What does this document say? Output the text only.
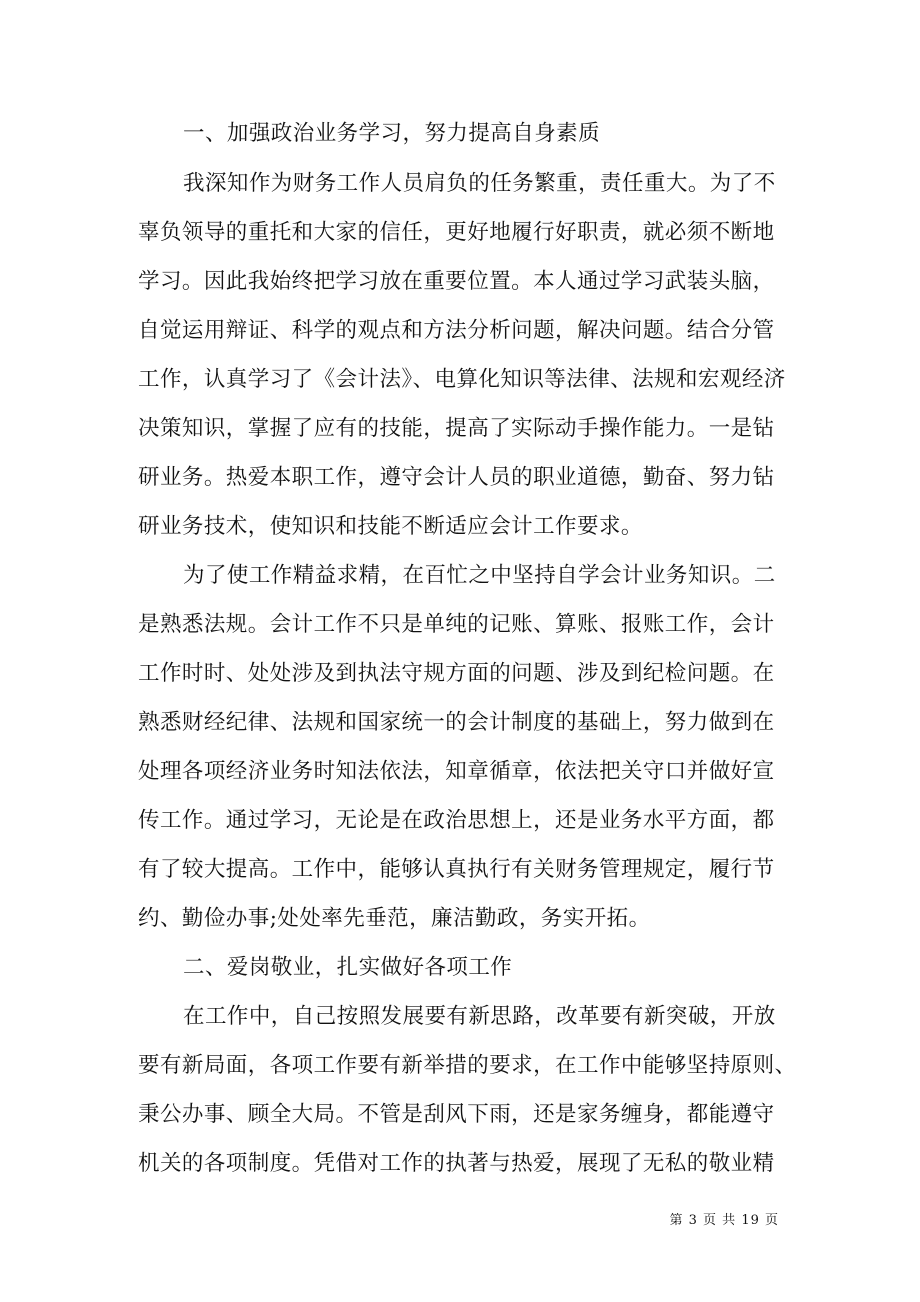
一、加强政治业务学习，努力提高自身素质
我深知作为财务工作人员肩负的任务繁重，责任重大。为了不
辜负领导的重托和大家的信任，更好地履行好职责，就必须不断地
学习。因此我始终把学习放在重要位置。本人通过学习武装头脑，
自觉运用辩证、科学的观点和方法分析问题，解决问题。结合分管
工作，认真学习了《会计法》、电算化知识等法律、法规和宏观经济
决策知识，掌握了应有的技能，提高了实际动手操作能力。一是钻
研业务。热爱本职工作，遵守会计人员的职业道德，勤奋、努力钻
研业务技术，使知识和技能不断适应会计工作要求。
为了使工作精益求精，在百忙之中坚持自学会计业务知识。二
是熟悉法规。会计工作不只是单纯的记账、算账、报账工作，会计
工作时时、处处涉及到执法守规方面的问题、涉及到纪检问题。在
熟悉财经纪律、法规和国家统一的会计制度的基础上，努力做到在
处理各项经济业务时知法依法，知章循章，依法把关守口并做好宣
传工作。通过学习，无论是在政治思想上，还是业务水平方面，都
有了较大提高。工作中，能够认真执行有关财务管理规定，履行节
约、勤俭办事;处处率先垂范，廉洁勤政，务实开拓。
二、爱岗敬业，扎实做好各项工作
在工作中，自己按照发展要有新思路，改革要有新突破，开放
要有新局面，各项工作要有新举措的要求，在工作中能够坚持原则、
秉公办事、顾全大局。不管是刮风下雨，还是家务缠身，都能遵守
机关的各项制度。凭借对工作的执著与热爱，展现了无私的敬业精
第 3 页 共 19 页
